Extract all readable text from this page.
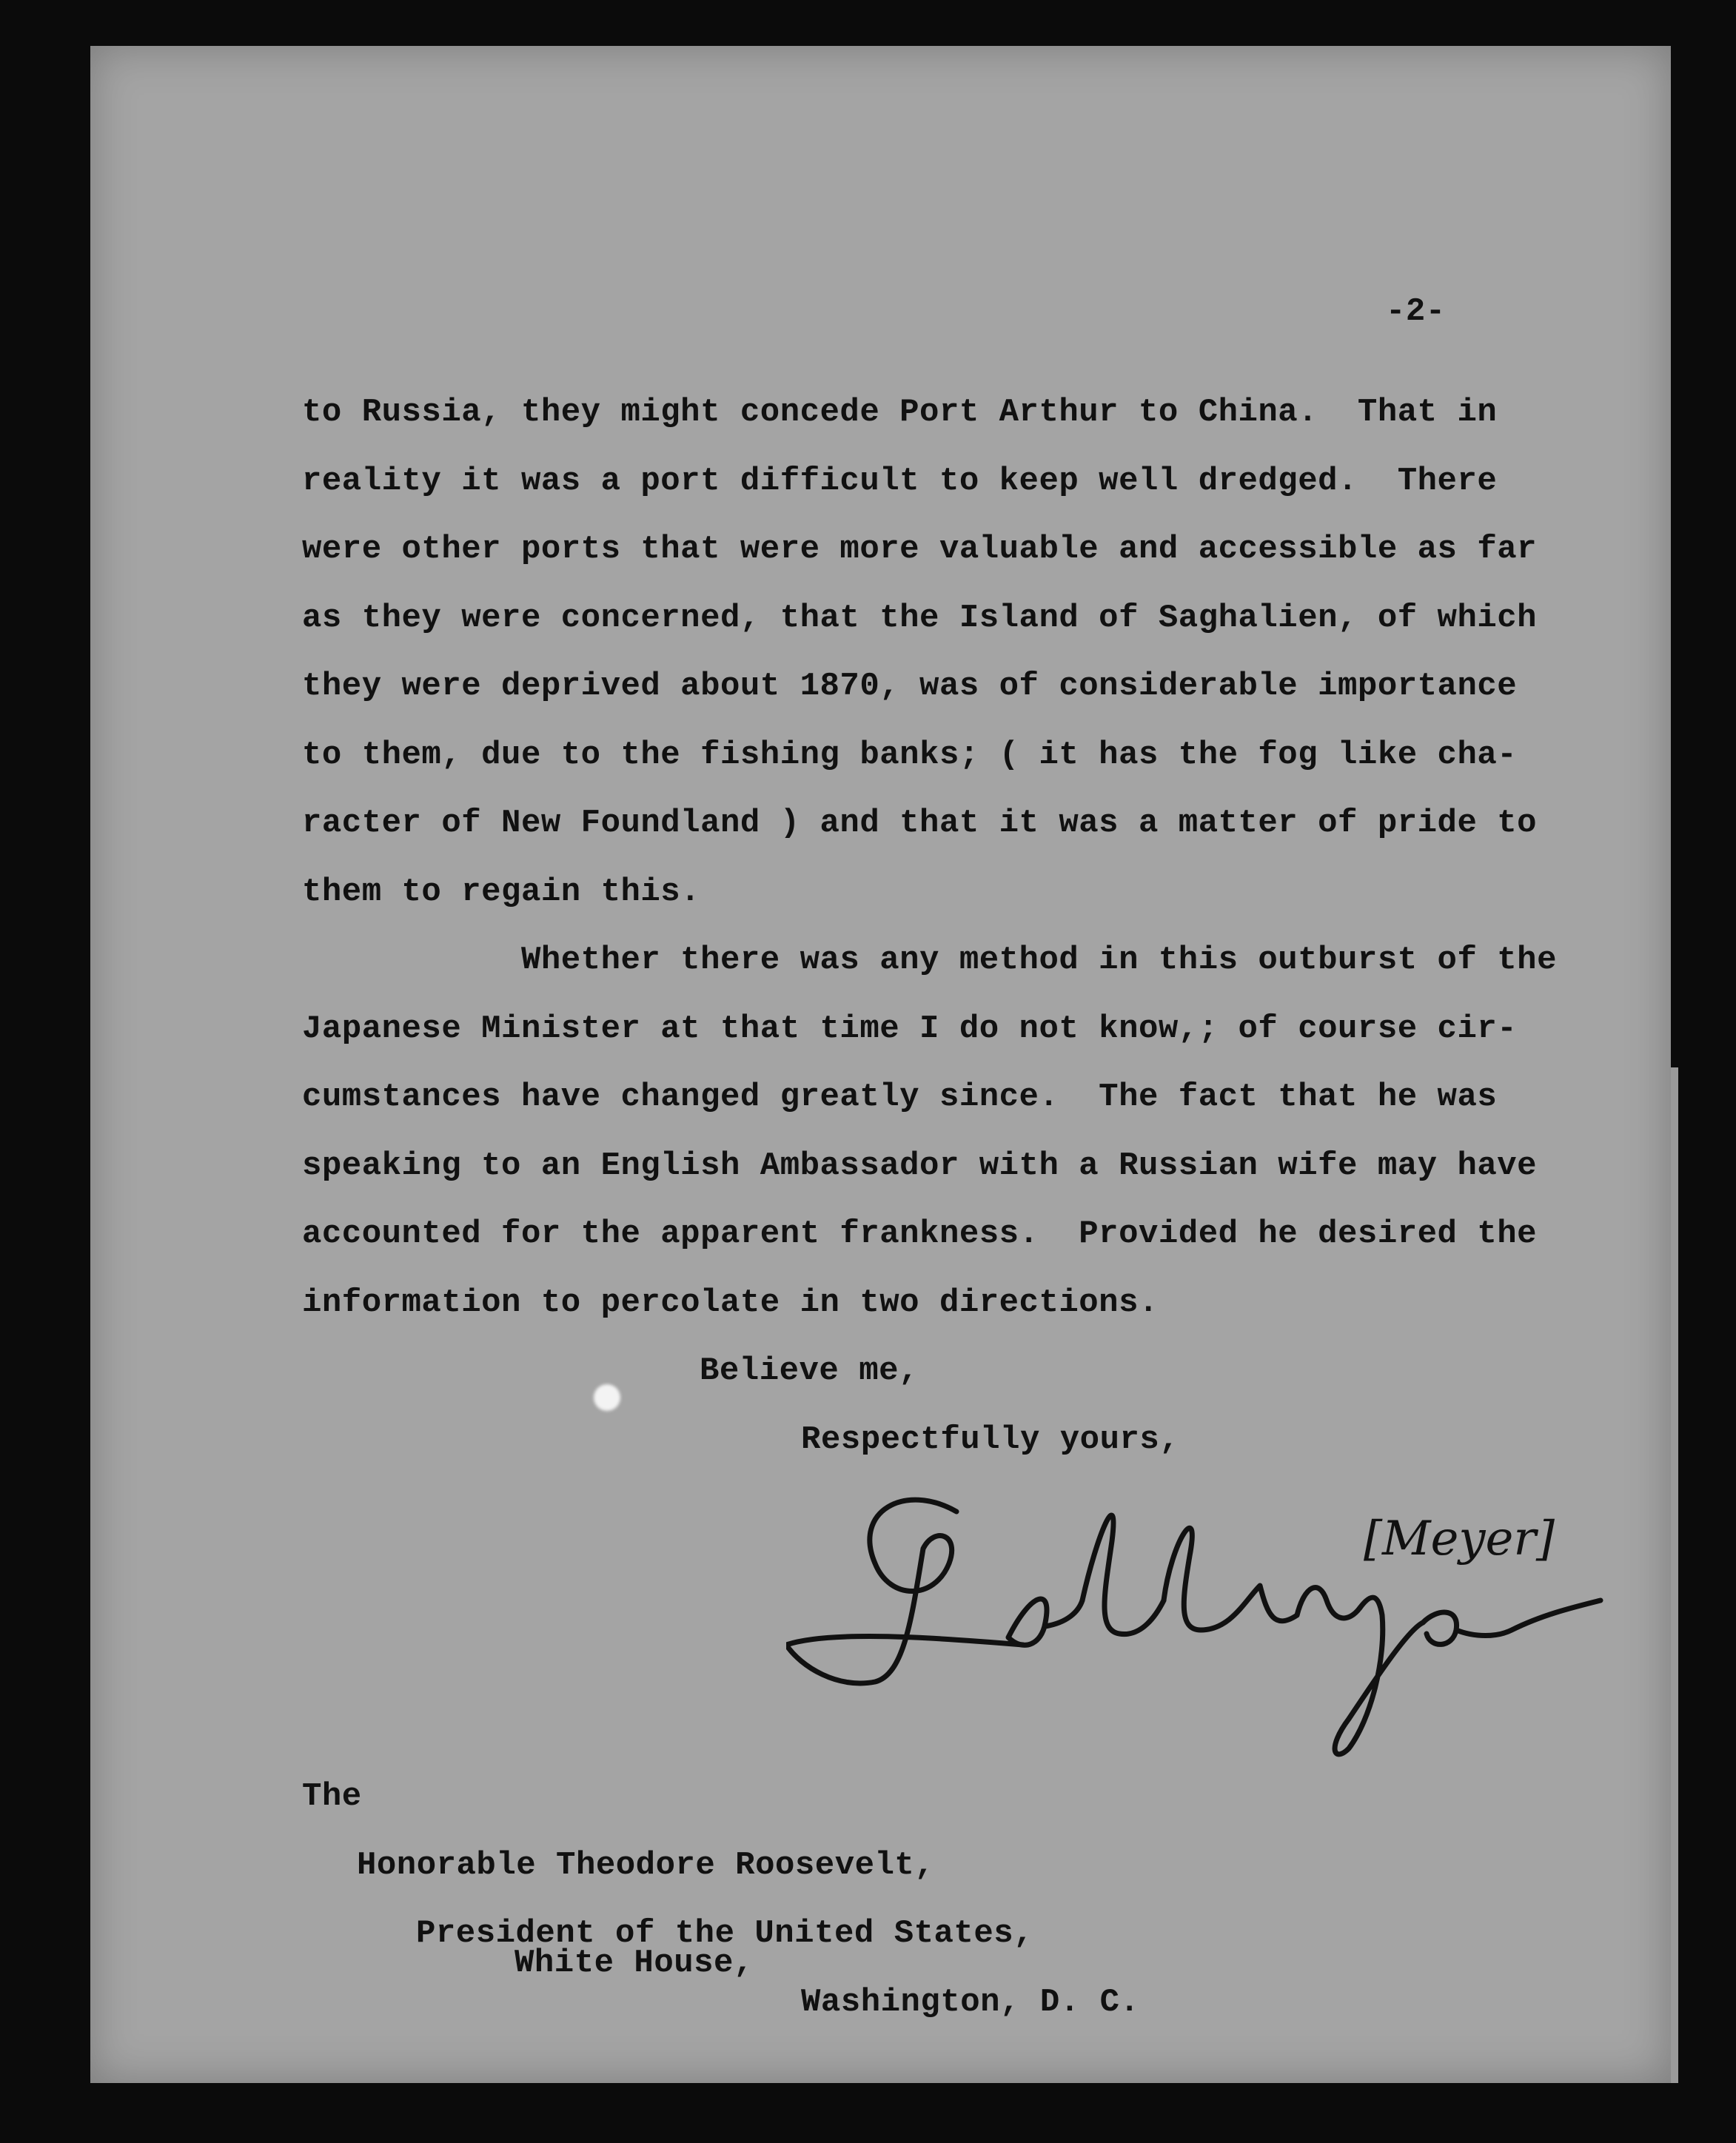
-2-

to Russia, they might concede Port Arthur to China.  That in

reality it was a port difficult to keep well dredged.  There

were other ports that were more valuable and accessible as far

as they were concerned, that the Island of Saghalien, of which

they were deprived about 1870, was of considerable importance

to them, due to the fishing banks; ( it has the fog like cha-

racter of New Foundland ) and that it was a matter of pride to

them to regain this.

Whether there was any method in this outburst of the

Japanese Minister at that time I do not know,; of course cir-

cumstances have changed greatly since.  The fact that he was

speaking to an English Ambassador with a Russian wife may have

accounted for the apparent frankness.  Provided he desired the

information to percolate in two directions.

Believe me,

Respectfully yours,

[Meyer]

The

Honorable Theodore Roosevelt,

President of the United States,

White House,

Washington, D. C.
